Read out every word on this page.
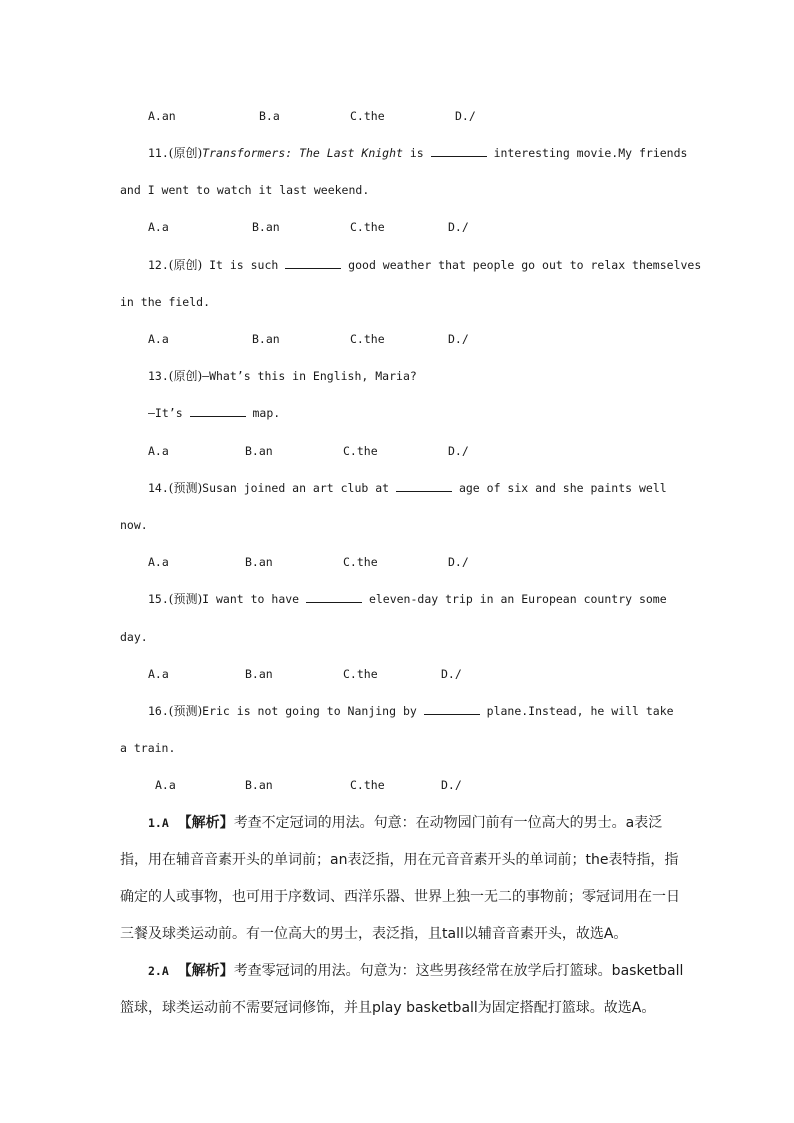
A.an	B.a	C.the	D./
11.(原创)Transformers: The Last Knight is	interesting movie.My friends
and I went to watch it last weekend.
A.a	B.an	C.the	D./
12.(原创) It is such	good weather that people go out to relax themselves
in the field.
A.a	B.an	C.the	D./
13.(原创)—What’s this in English, Maria?
—It’s	map.
A.a	B.an	C.the	D./
14.(预测)Susan joined an art club at	age of six and she paints well
now.
A.a	B.an	C.the	D./
15.(预测)I want to have	eleven-day trip in an European country some
day.
A.a	B.an	C.the	D./
16.(预测)Eric is not going to Nanjing by	plane.Instead, he will take
a train.
A.a	B.an	C.the	D./
1.A 【解析】考查不定冠词的用法。句意：在动物园门前有一位高大的男士。a表泛
指，用在辅音音素开头的单词前；an表泛指，用在元音音素开头的单词前；the表特指，指
确定的人或事物，也可用于序数词、西洋乐器、世界上独一无二的事物前；零冠词用在一日
三餐及球类运动前。有一位高大的男士，表泛指，且tall以辅音音素开头，故选A。
2.A 【解析】考查零冠词的用法。句意为：这些男孩经常在放学后打篮球。basketball
篮球，球类运动前不需要冠词修饰，并且play basketball为固定搭配打篮球。故选A。
